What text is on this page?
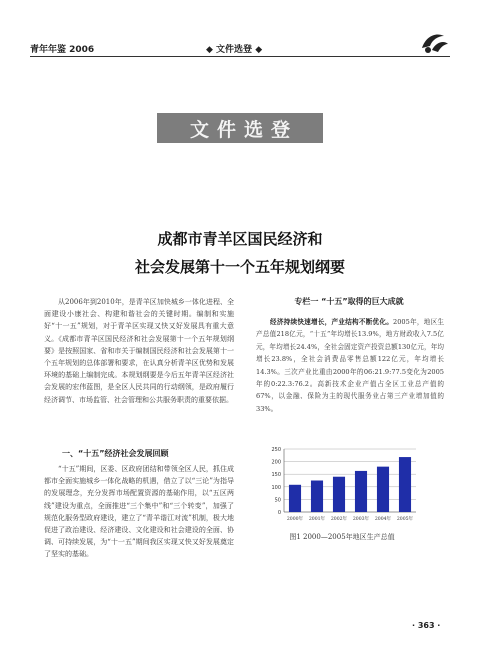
青年年鉴 2006	◆ 文件选登 ◆
文件选登
成都市青羊区国民经济和
社会发展第十一个五年规划纲要

从2006年到2010年，是青羊区加快城乡一体化进程、全面建设小康社会、构建和谐社会的关键时期。编制和实施好“十一五”规划，对于青羊区实现又快又好发展具有重大意义。《成都市青羊区国民经济和社会发展第十一个五年规划纲要》是按照国家、省和市关于编制国民经济和社会发展第十一个五年规划的总体部署和要求，在认真分析青羊区优势和发展环境的基础上编制完成。本规划纲要是今后五年青羊区经济社会发展的宏伟蓝图，是全区人民共同的行动纲领，是政府履行经济调节、市场监管、社会管理和公共服务职责的重要依据。

一、“十五”经济社会发展回顾

“十五”期间，区委、区政府团结和带领全区人民，抓住成都市全面实施城乡一体化战略的机遇，借立了以“三论”为指导的发展理念，充分发挥市场配置资源的基础作用，以“五区两线”建设为重点，全面推进“三个集中”和“三个转变”，加强了规范化服务型政府建设，建立了“青羊谐江对流”机制，极大地促进了政治建设、经济建设、文化建设和社会建设的全面、协调、可持续发展，为“十一五”期间我区实现又快又好发展奠定了坚实的基础。

专栏一 “十五”取得的巨大成就

经济持续快速增长，产业结构不断优化。2005年，地区生产总值218亿元，“十五”年均增长13.9%，地方财政收入7.5亿元，年均增长24.4%，全社会固定资产投资总额130亿元，年均增长23.8%，全社会消费品零售总额122亿元，年均增长14.3%。三次产业比重由2000年的06:21.9:77.5变化为2005年的0:22.3:76.2。高新技术企业产值占全区工业总产值的67%，以金融、保险为主的现代服务业占第三产业增加值的33%。

0
50
100
150
200
250
2000年 2001年 2002年 2003年 2004年 2005年
图1 2000—2005年地区生产总值
· 363 ·
